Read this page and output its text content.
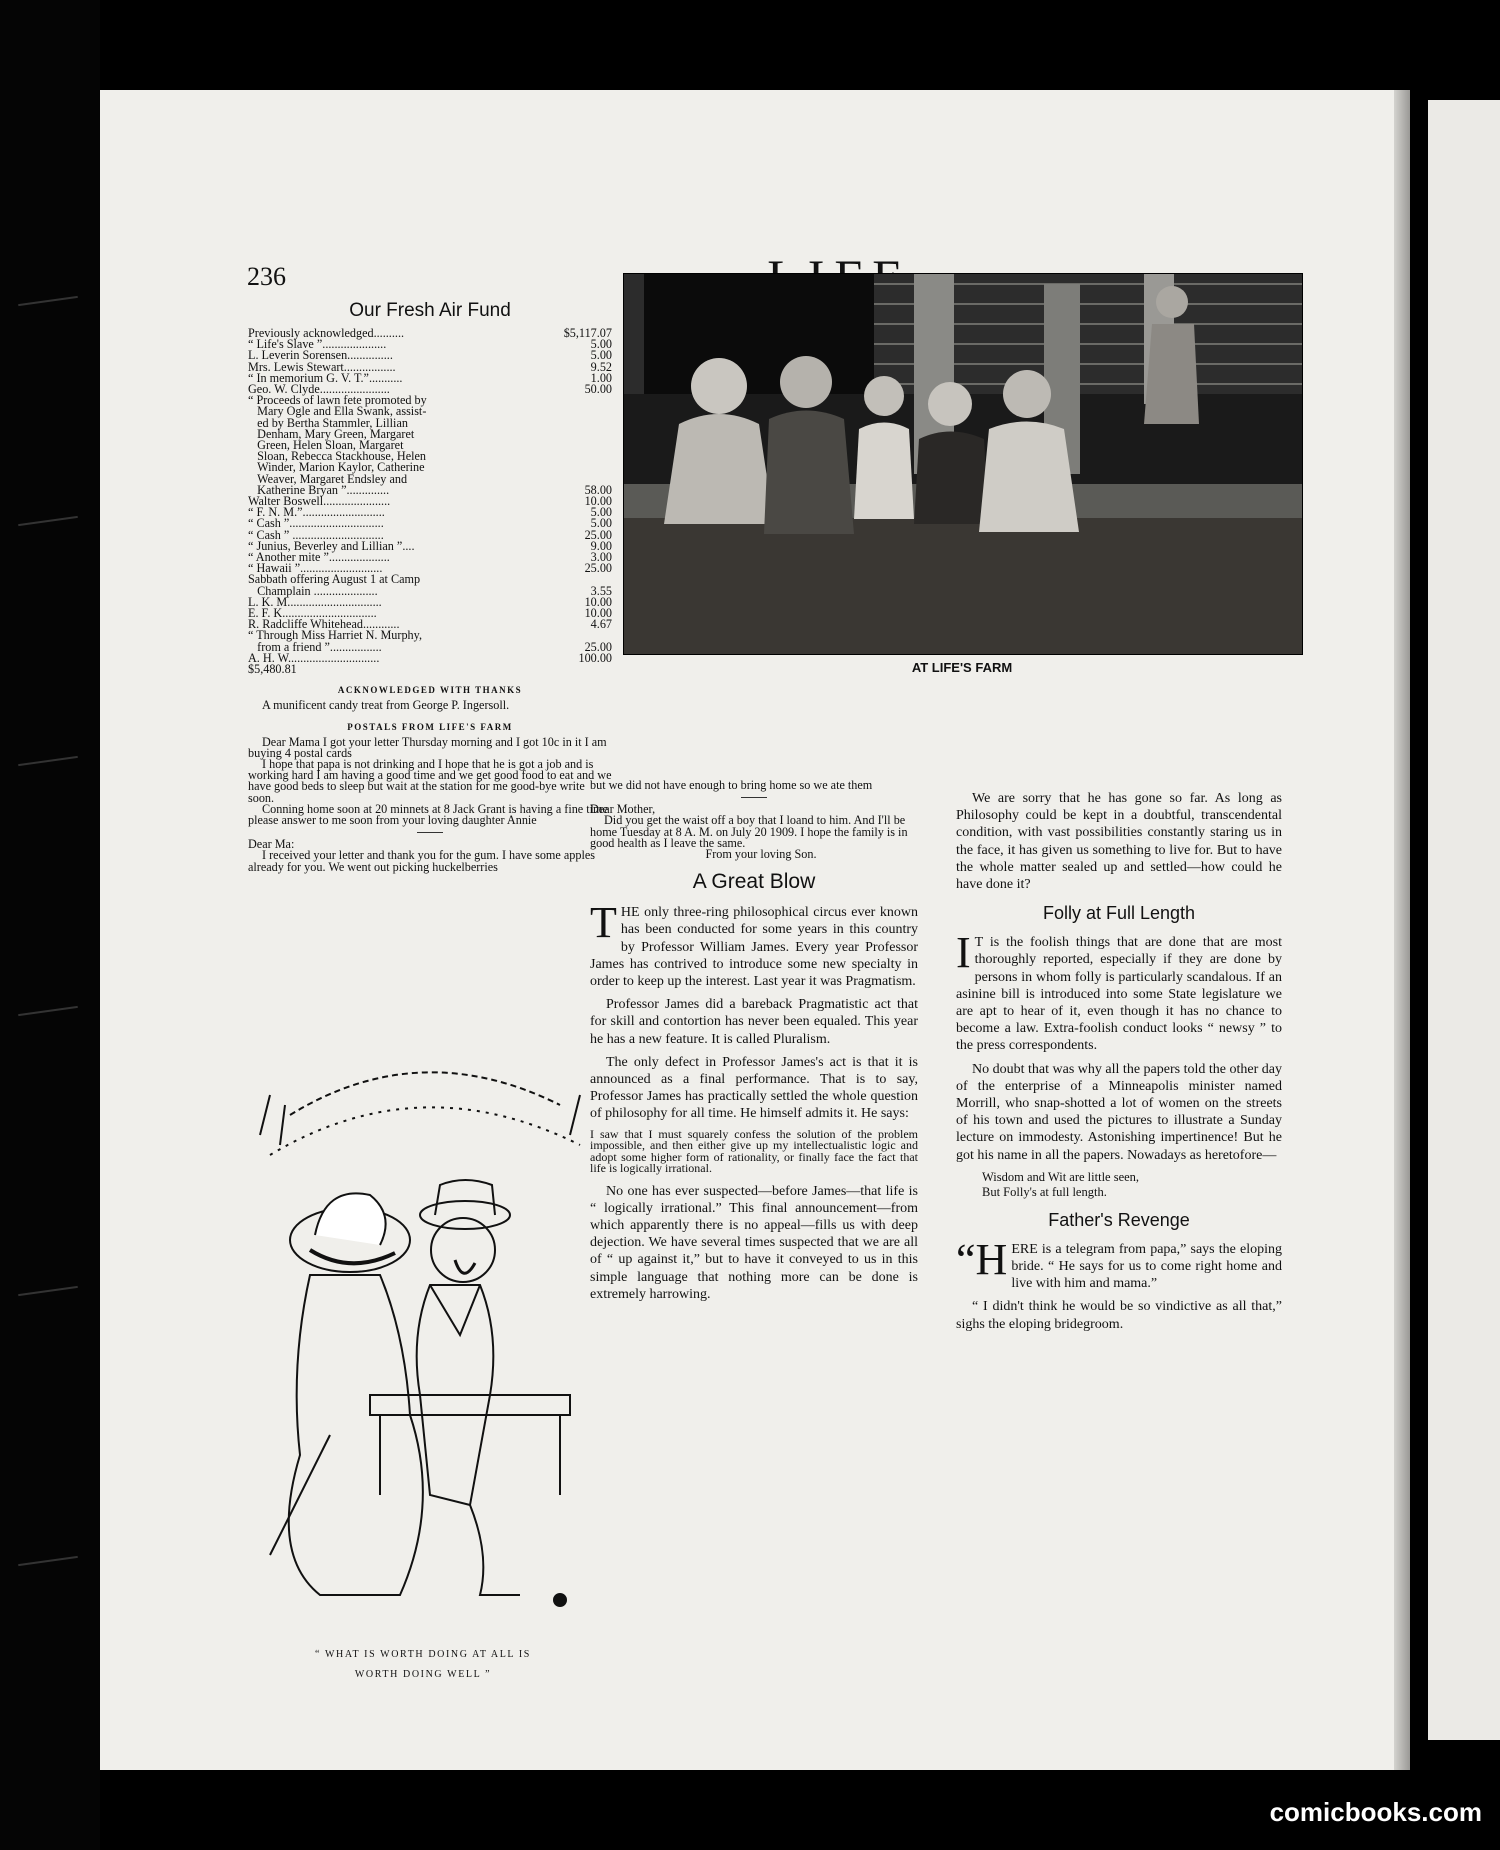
236
Our Fresh Air Fund
Previously acknowledged..........	$5,117.07
“ Life's Slave ”.....................	5.00
L. Leverin Sorensen...............	5.00
Mrs. Lewis Stewart.................	9.52
“ In memorium G. V. T.”...........	1.00
Geo. W. Clyde.......................	50.00
“ Proceeds of lawn fete promoted by
Mary Ogle and Ella Swank, assist-
ed by Bertha Stammler, Lillian
Denham, Mary Green, Margaret
Green, Helen Sloan, Margaret
Sloan, Rebecca Stackhouse, Helen
Winder, Marion Kaylor, Catherine
Weaver, Margaret Endsley and
Katherine Bryan ”..............	58.00
Walter Boswell......................	10.00
“ F. N. M.”...........................	5.00
“ Cash ”...............................	5.00
“ Cash ” ..............................	25.00
“ Junius, Beverley and Lillian ”....	9.00
“ Another mite ”....................	3.00
“ Hawaii ”...........................	25.00
Sabbath offering August 1 at Camp
Champlain .....................	3.55
L. K. M...............................	10.00
E. F. K...............................	10.00
R. Radcliffe Whitehead............	4.67
“ Through Miss Harriet N. Murphy,
from a friend ”.................	25.00
A. H. W..............................	100.00
$5,480.81
ACKNOWLEDGED WITH THANKS

A munificent candy treat from George P. Ingersoll.

POSTALS FROM LIFE'S FARM

Dear Mama I got your letter Thursday morning and I got 10c in it I am buying 4 postal cards

I hope that papa is not drinking and I hope that he is got a job and is working hard I am having a good time and we get good food to eat and we have good beds to sleep but wait at the station for me good-bye write soon.

Conning home soon at 20 minnets at 8 Jack Grant is having a fine time please answer to me soon from your loving daughter Annie

Dear Ma:

I received your letter and thank you for the gum. I have some apples already for you. We went out picking huckelberries

AT LIFE'S FARM

but we did not have enough to bring home so we ate them

Dear Mother,

Did you get the waist off a boy that I loand to him. And I'll be home Tuesday at 8 A. M. on July 20 1909. I hope the family is in good health as I leave the same.

From your loving Son.

A Great Blow

THE only three-ring philosophical circus ever known has been conducted for some years in this country by Professor William James. Every year Professor James has contrived to introduce some new specialty in order to keep up the interest. Last year it was Pragmatism.

Professor James did a bareback Pragmatistic act that for skill and contortion has never been equaled. This year he has a new feature. It is called Pluralism.

The only defect in Professor James's act is that it is announced as a final performance. That is to say, Professor James has practically settled the whole question of philosophy for all time. He himself admits it. He says:

I saw that I must squarely confess the solution of the problem impossible, and then either give up my intellectualistic logic and adopt some higher form of rationality, or finally face the fact that life is logically irrational.

No one has ever suspected—before James—that life is “ logically irrational.” This final announcement—from which apparently there is no appeal—fills us with deep dejection. We have several times suspected that we are all of “ up against it,” but to have it conveyed to us in this simple language that nothing more can be done is extremely harrowing.

We are sorry that he has gone so far. As long as Philosophy could be kept in a doubtful, transcendental condition, with vast possibilities constantly staring us in the face, it has given us something to live for. But to have the whole matter sealed up and settled—how could he have done it?

Folly at Full Length

I T is the foolish things that are done that are most thoroughly reported, especially if they are done by persons in whom folly is particularly scandalous. If an asinine bill is introduced into some State legislature we are apt to hear of it, even though it has no chance to become a law. Extra-foolish conduct looks “ newsy ” to the press correspondents.

No doubt that was why all the papers told the other day of the enterprise of a Minneapolis minister named Morrill, who snap-shotted a lot of women on the streets of his town and used the pictures to illustrate a Sunday lecture on immodesty. Astonishing impertinence! But he got his name in all the papers. Nowadays as heretofore—

Wisdom and Wit are little seen,
But Folly's at full length.
Father's Revenge

“HERE is a telegram from papa,” says the eloping bride. “ He says for us to come right home and live with him and mama.”

“ I didn't think he would be so vindictive as all that,” sighs the eloping bridegroom.

“ WHAT IS WORTH DOING AT ALL IS
WORTH DOING WELL ”
comicbooks.com
